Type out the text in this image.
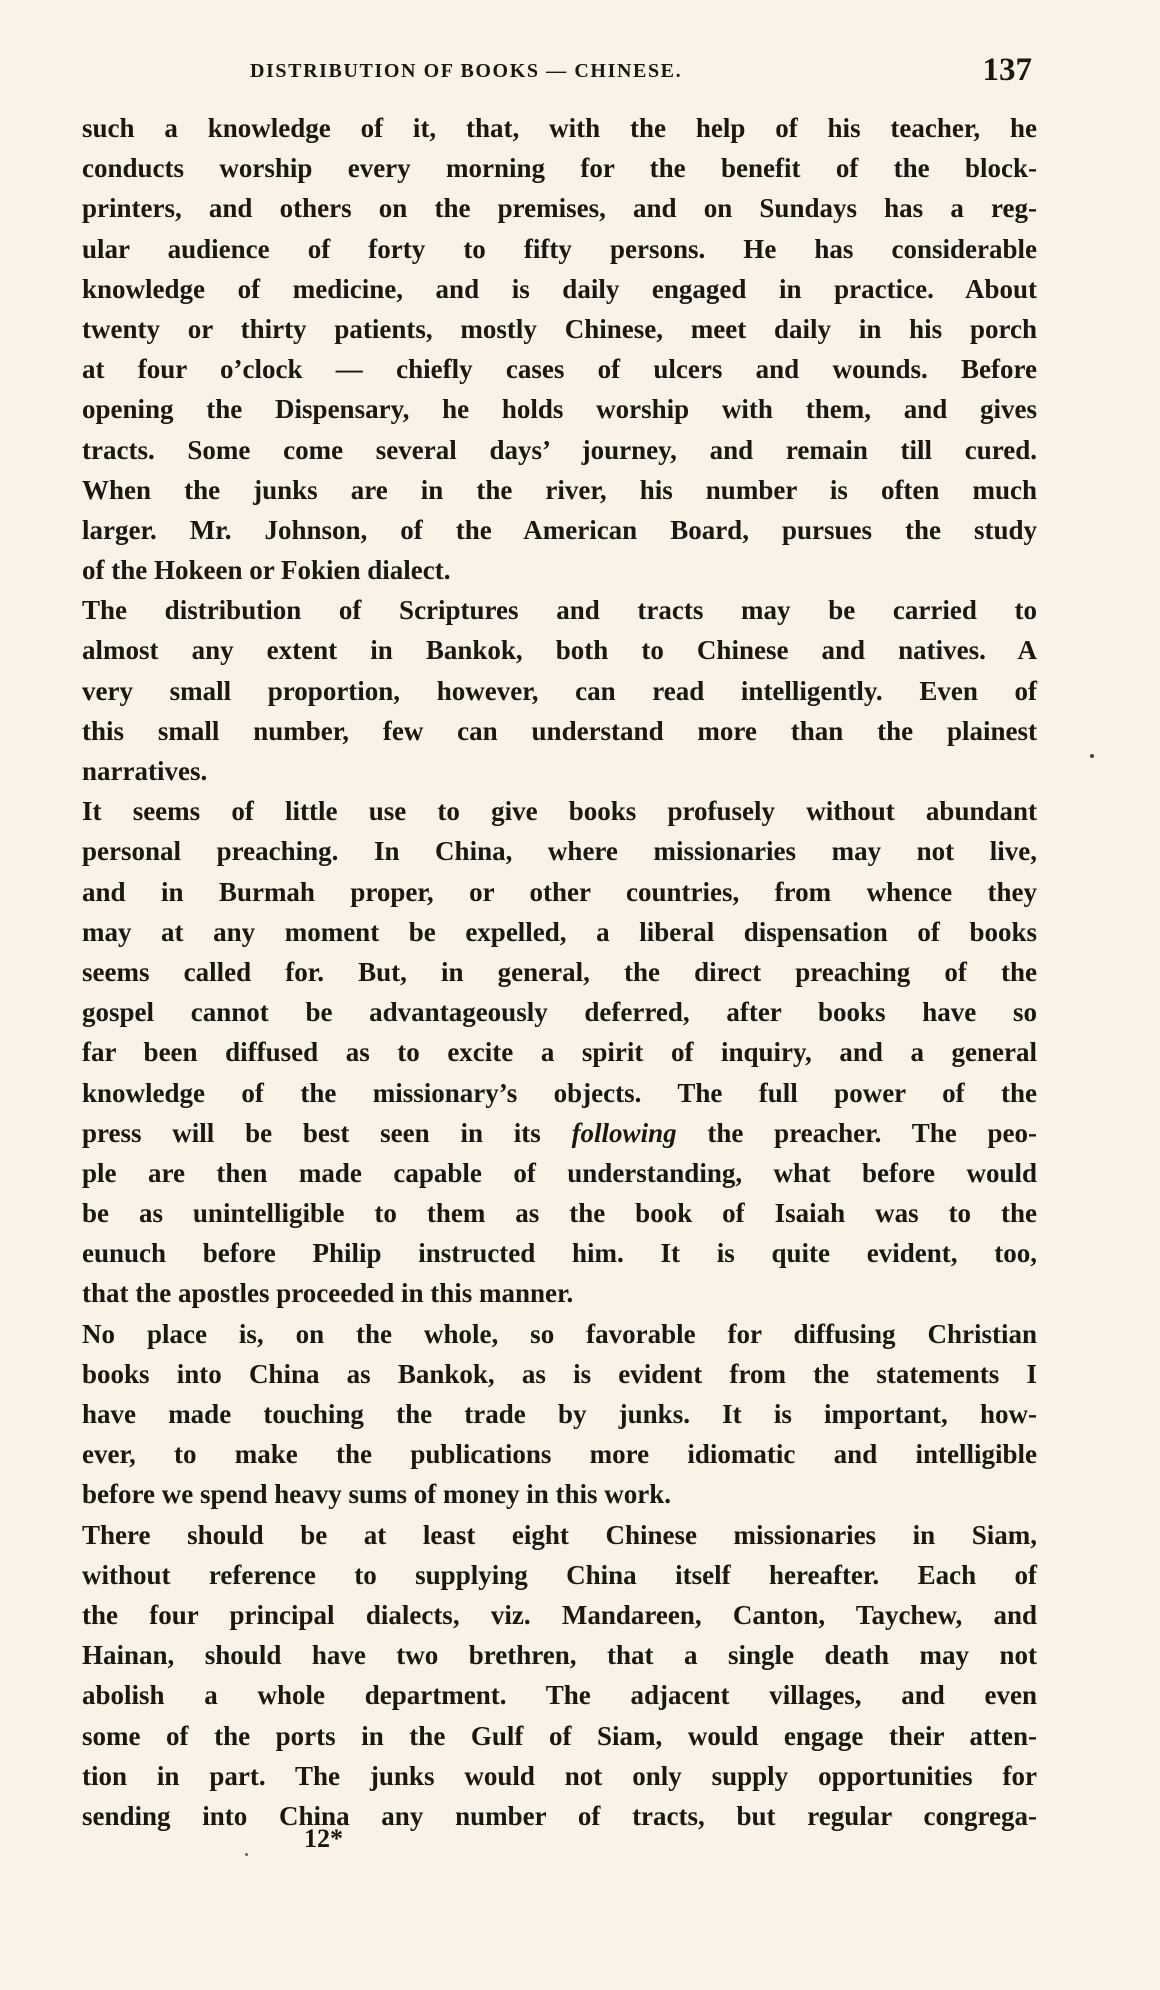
DISTRIBUTION OF BOOKS — CHINESE.	137
such a knowledge of it, that, with the help of his teacher, he
conducts worship every morning for the benefit of the block-
printers, and others on the premises, and on Sundays has a reg-
ular audience of forty to fifty persons. He has considerable
knowledge of medicine, and is daily engaged in practice. About
twenty or thirty patients, mostly Chinese, meet daily in his porch
at four o’clock — chiefly cases of ulcers and wounds. Before
opening the Dispensary, he holds worship with them, and gives
tracts. Some come several days’ journey, and remain till cured.
When the junks are in the river, his number is often much
larger. Mr. Johnson, of the American Board, pursues the study
of the Hokeen or Fokien dialect.
The distribution of Scriptures and tracts may be carried to
almost any extent in Bankok, both to Chinese and natives. A
very small proportion, however, can read intelligently. Even of
this small number, few can understand more than the plainest
narratives.
It seems of little use to give books profusely without abundant
personal preaching. In China, where missionaries may not live,
and in Burmah proper, or other countries, from whence they
may at any moment be expelled, a liberal dispensation of books
seems called for. But, in general, the direct preaching of the
gospel cannot be advantageously deferred, after books have so
far been diffused as to excite a spirit of inquiry, and a general
knowledge of the missionary’s objects. The full power of the
press will be best seen in its following the preacher. The peo-
ple are then made capable of understanding, what before would
be as unintelligible to them as the book of Isaiah was to the
eunuch before Philip instructed him. It is quite evident, too,
that the apostles proceeded in this manner.
No place is, on the whole, so favorable for diffusing Christian
books into China as Bankok, as is evident from the statements I
have made touching the trade by junks. It is important, how-
ever, to make the publications more idiomatic and intelligible
before we spend heavy sums of money in this work.
There should be at least eight Chinese missionaries in Siam,
without reference to supplying China itself hereafter. Each of
the four principal dialects, viz. Mandareen, Canton, Taychew, and
Hainan, should have two brethren, that a single death may not
abolish a whole department. The adjacent villages, and even
some of the ports in the Gulf of Siam, would engage their atten-
tion in part. The junks would not only supply opportunities for
sending into China any number of tracts, but regular congrega-
12*
